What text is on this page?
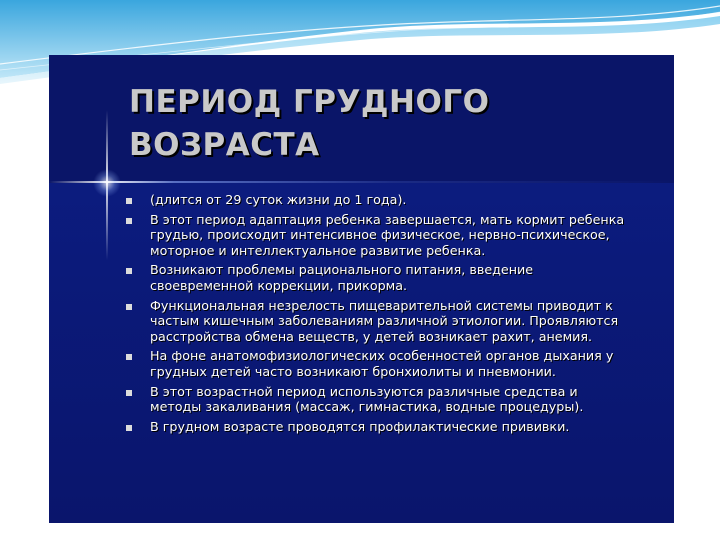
ПЕРИОД ГРУДНОГО
ВОЗРАСТА
(длится от 29 суток жизни до 1 года).
В этот период адаптация ребенка завершается, мать кормит ребенка грудью, происходит интенсивное физическое, нервно-психическое, моторное и интеллектуальное развитие ребенка.
Возникают проблемы рационального питания, введение своевременной коррекции, прикорма.
Функциональная незрелость пищеварительной системы приводит к частым кишечным заболеваниям различной этиологии. Проявляются расстройства обмена веществ, у детей возникает рахит, анемия.
На фоне анатомофизиологических особенностей органов дыхания у грудных детей часто возникают бронхиолиты и пневмонии.
В этот возрастной период используются различные средства и методы закаливания (массаж, гимнастика, водные процедуры).
В грудном возрасте проводятся профилактические прививки.
